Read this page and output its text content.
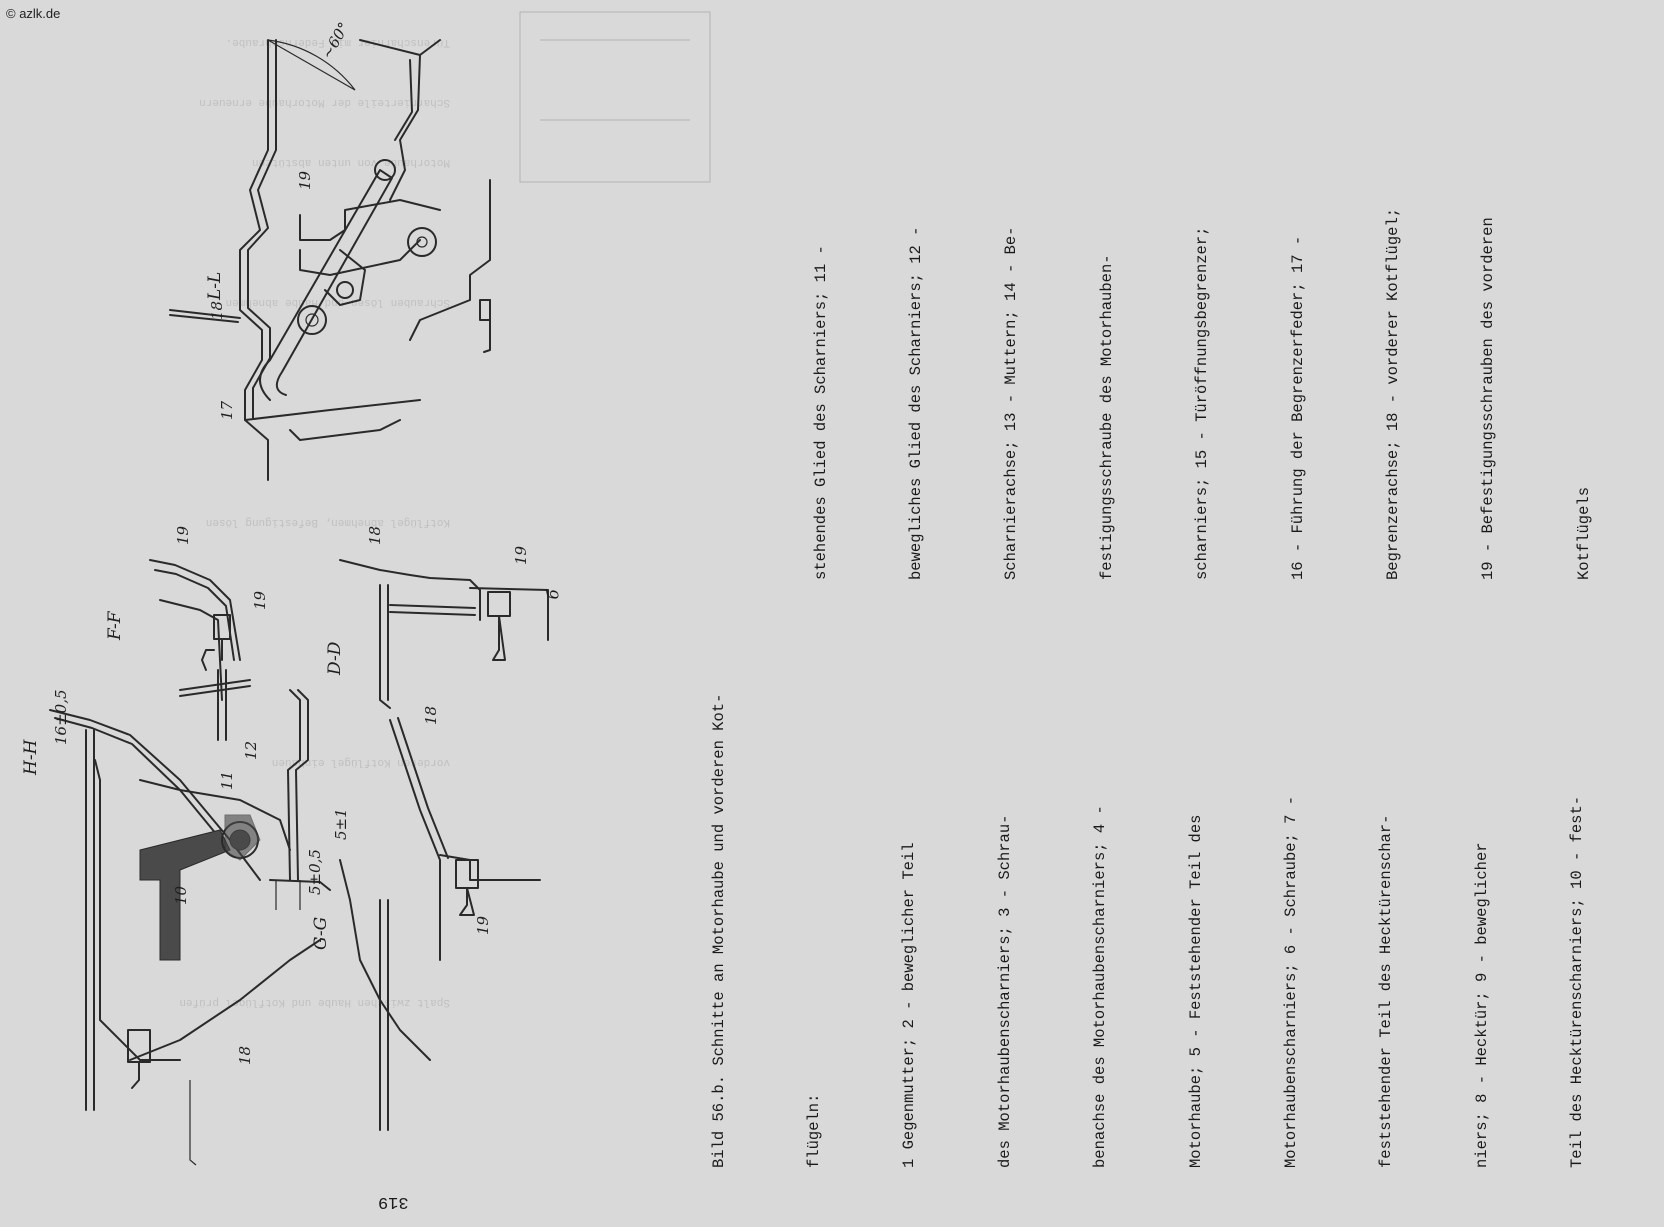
© azlk.de
Türenscharnier mit Federnschraube.
Scharnierteile der Motorhaube erneuern
Motorhaube von unten abstützen
Schrauben lösen und Haube abnehmen
Kotflügel abnehmen, Befestigung lösen
vorderen Kotflügel einbauen
Spalt zwischen Haube und Kotflügel prüfen
L-L
F-F
D-D
H-H
G-G
~60°
16±0,5
5±0,5
5±1
19
18
17
19
19
18
19
11
12
10
18
18
19

	Bild 56.b. Schnitte an Motorhaube und vorderen Kot-

	flügeln:

	1 Gegenmutter; 2 - beweglicher Teil

	des Motorhaubenscharniers; 3 - Schrau-

	benachse des Motorhaubenscharniers; 4 -

	Motorhaube; 5 - Feststehender Teil des

	Motorhaubenscharniers; 6 - Schraube; 7 -

	feststehender Teil des Hecktürenschar-

	niers; 8 - Hecktür; 9 - beweglicher

	Teil des Hecktürenscharniers; 10 - fest-

stehendes Glied des Scharniers; 11 -

	bewegliches Glied des Scharniers; 12 -

	Scharnierachse; 13 - Muttern; 14 - Be-

	festigungsschraube des Motorhauben-

	scharniers; 15 - Türöffnungsbegrenzer;

	16 - Führung der Begrenzerfeder; 17 -

	Begrenzerachse; 18 - vorderer Kotflügel;

	19 - Befestigungsschrauben des vorderen

	Kotflügels

б
319
